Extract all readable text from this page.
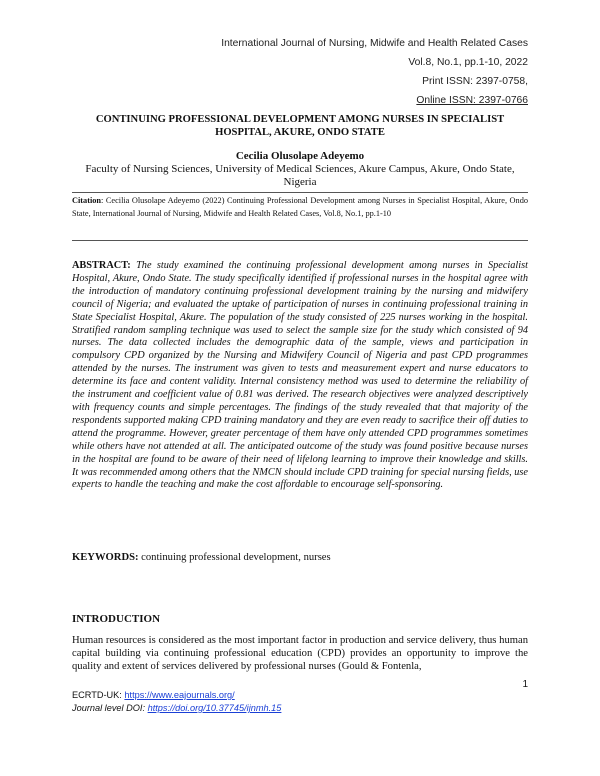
International Journal of Nursing, Midwife and Health Related Cases
Vol.8, No.1, pp.1-10, 2022
Print ISSN: 2397-0758,
Online ISSN: 2397-0766
CONTINUING PROFESSIONAL DEVELOPMENT AMONG NURSES IN SPECIALIST HOSPITAL, AKURE, ONDO STATE
Cecilia Olusolape Adeyemo
Faculty of Nursing Sciences, University of Medical Sciences, Akure Campus, Akure, Ondo State, Nigeria
Citation: Cecilia Olusolape Adeyemo (2022) Continuing Professional Development among Nurses in Specialist Hospital, Akure, Ondo State, International Journal of Nursing, Midwife and Health Related Cases, Vol.8, No.1, pp.1-10
ABSTRACT: The study examined the continuing professional development among nurses in Specialist Hospital, Akure, Ondo State. The study specifically identified if professional nurses in the hospital agree with the introduction of mandatory continuing professional development training by the nursing and midwifery council of Nigeria; and evaluated the uptake of participation of nurses in continuing professional training in State Specialist Hospital, Akure. The population of the study consisted of 225 nurses working in the hospital. Stratified random sampling technique was used to select the sample size for the study which consisted of 94 nurses. The data collected includes the demographic data of the sample, views and participation in compulsory CPD organized by the Nursing and Midwifery Council of Nigeria and past CPD programmes attended by the nurses. The instrument was given to tests and measurement expert and nurse educators to determine its face and content validity. Internal consistency method was used to determine the reliability of the instrument and coefficient value of 0.81 was derived. The research objectives were analyzed descriptively with frequency counts and simple percentages. The findings of the study revealed that that majority of the respondents supported making CPD training mandatory and they are even ready to sacrifice their off duties to attend the programme. However, greater percentage of them have only attended CPD programmes sometimes while others have not attended at all. The anticipated outcome of the study was found positive because nurses in the hospital are found to be aware of their need of lifelong learning to improve their knowledge and skills. It was recommended among others that the NMCN should include CPD training for special nursing fields, use experts to handle the teaching and make the cost affordable to encourage self-sponsoring.
KEYWORDS: continuing professional development, nurses
INTRODUCTION
Human resources is considered as the most important factor in production and service delivery, thus human capital building via continuing professional education (CPD) provides an opportunity to improve the quality and extent of services delivered by professional nurses (Gould & Fontenla,
1
ECRTD-UK: https://www.eajournals.org/
Journal level DOI: https://doi.org/10.37745/ijnmh.15
